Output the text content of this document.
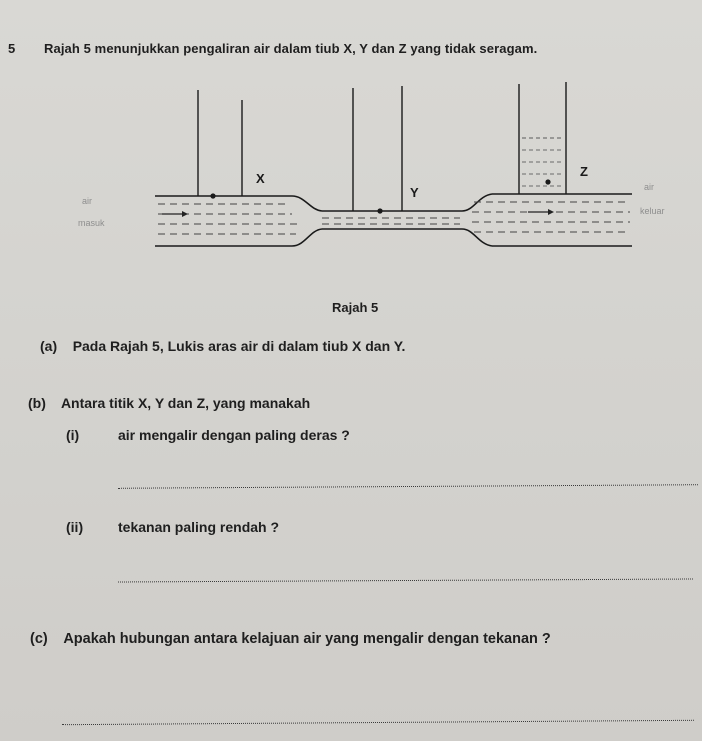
5 Rajah 5 menunjukkan pengaliran air dalam tiub X, Y dan Z yang tidak seragam.
X
Y
Z
air
masuk
air
keluar
Rajah 5
(a) Pada Rajah 5, Lukis aras air di dalam tiub X dan Y.
(b) Antara titik X, Y dan Z, yang manakah
(i)	air mengalir dengan paling deras ?
(ii) tekanan paling rendah ?
(c) Apakah hubungan antara kelajuan air yang mengalir dengan tekanan ?
